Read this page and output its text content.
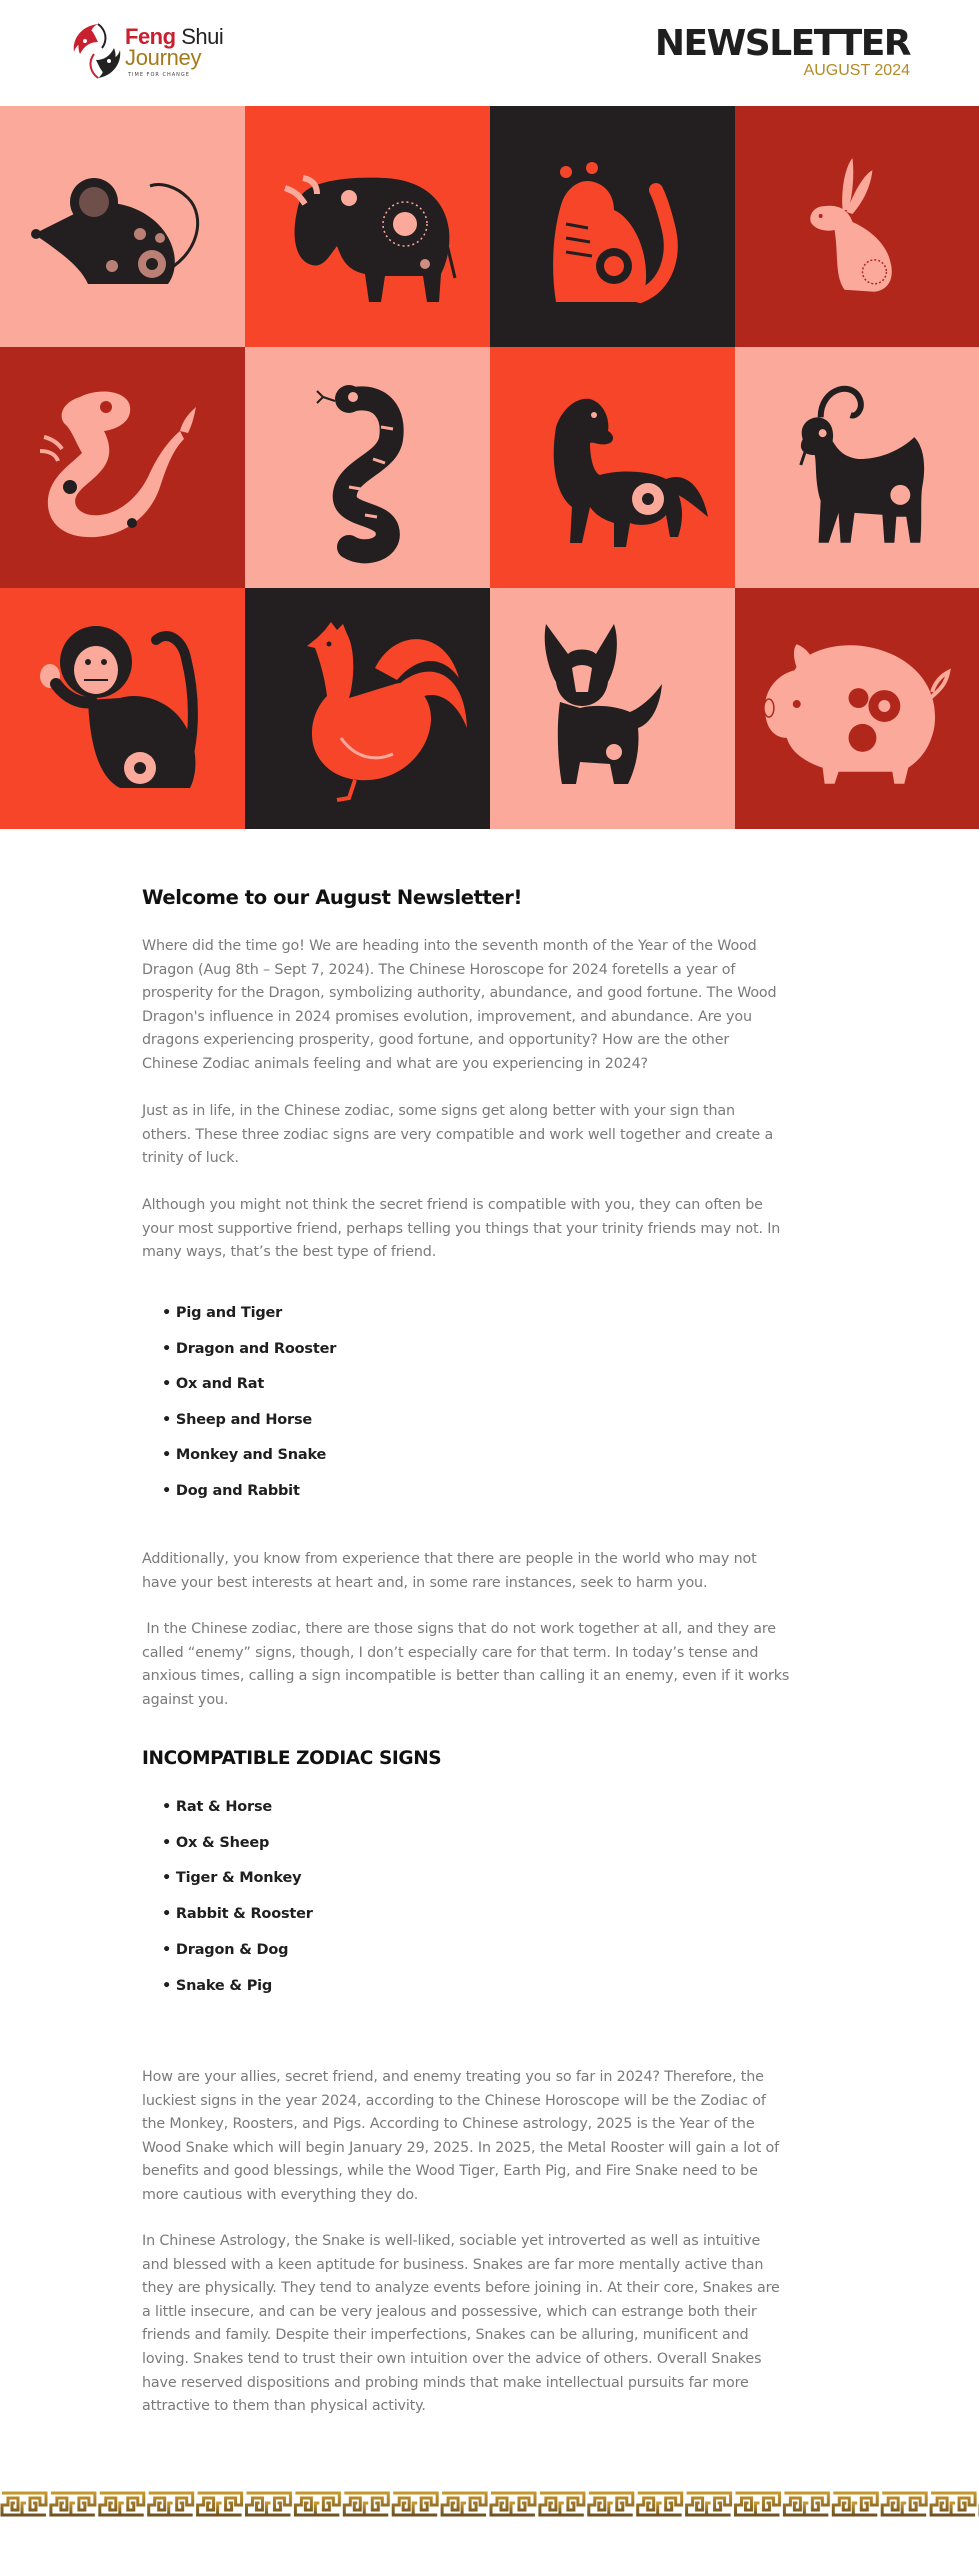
Feng Shui
Journey
TIME FOR CHANGE
NEWSLETTER
AUGUST 2024
Welcome to our August Newsletter!
Where did the time go! We are heading into the seventh month of the Year of the Wood
Dragon (Aug 8th – Sept 7, 2024). The Chinese Horoscope for 2024 foretells a year of
prosperity for the Dragon, symbolizing authority, abundance, and good fortune. The Wood
Dragon's influence in 2024 promises evolution, improvement, and abundance. Are you
dragons experiencing prosperity, good fortune, and opportunity? How are the other
Chinese Zodiac animals feeling and what are you experiencing in 2024?
Just as in life, in the Chinese zodiac, some signs get along better with your sign than
others. These three zodiac signs are very compatible and work well together and create a
trinity of luck.
Although you might not think the secret friend is compatible with you, they can often be
your most supportive friend, perhaps telling you things that your trinity friends may not. In
many ways, that’s the best type of friend.
• Pig and Tiger
• Dragon and Rooster
• Ox and Rat
• Sheep and Horse
• Monkey and Snake
• Dog and Rabbit
Additionally, you know from experience that there are people in the world who may not
have your best interests at heart and, in some rare instances, seek to harm you.
In the Chinese zodiac, there are those signs that do not work together at all, and they are
called “enemy” signs, though, I don’t especially care for that term. In today’s tense and
anxious times, calling a sign incompatible is better than calling it an enemy, even if it works
against you.
INCOMPATIBLE ZODIAC SIGNS
• Rat & Horse
• Ox & Sheep
• Tiger & Monkey
• Rabbit & Rooster
• Dragon & Dog
• Snake & Pig
How are your allies, secret friend, and enemy treating you so far in 2024? Therefore, the
luckiest signs in the year 2024, according to the Chinese Horoscope will be the Zodiac of
the Monkey, Roosters, and Pigs. According to Chinese astrology, 2025 is the Year of the
Wood Snake which will begin January 29, 2025. In 2025, the Metal Rooster will gain a lot of
benefits and good blessings, while the Wood Tiger, Earth Pig, and Fire Snake need to be
more cautious with everything they do.
In Chinese Astrology, the Snake is well-liked, sociable yet introverted as well as intuitive
and blessed with a keen aptitude for business. Snakes are far more mentally active than
they are physically. They tend to analyze events before joining in. At their core, Snakes are
a little insecure, and can be very jealous and possessive, which can estrange both their
friends and family. Despite their imperfections, Snakes can be alluring, munificent and
loving. Snakes tend to trust their own intuition over the advice of others. Overall Snakes
have reserved dispositions and probing minds that make intellectual pursuits far more
attractive to them than physical activity.
